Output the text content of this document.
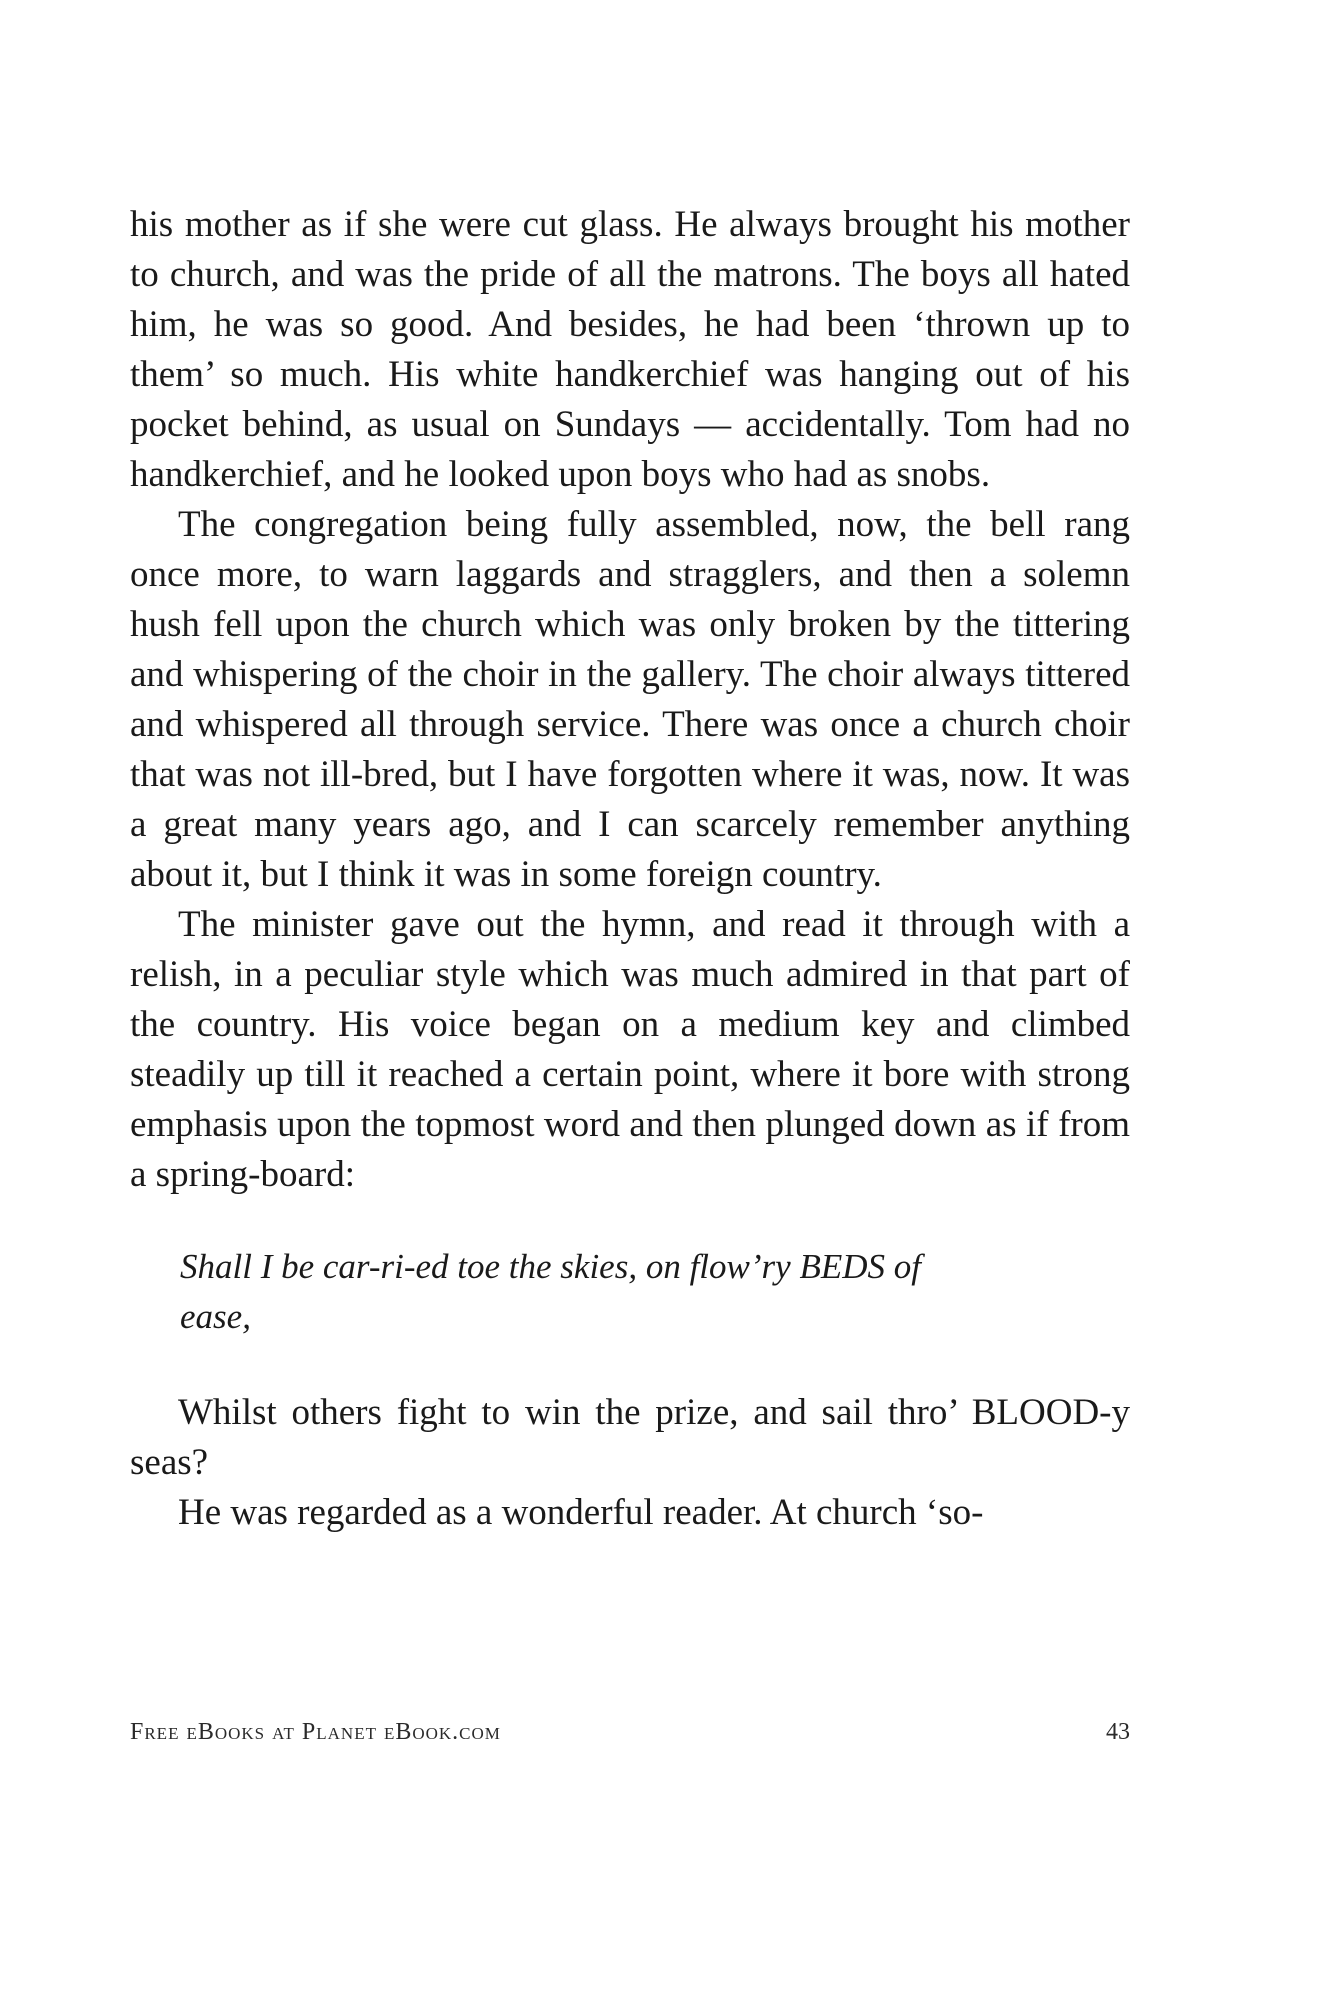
his mother as if she were cut glass. He always brought his mother to church, and was the pride of all the matrons. The boys all hated him, he was so good. And besides, he had been ‘thrown up to them’ so much. His white handkerchief was hanging out of his pocket behind, as usual on Sundays — accidentally. Tom had no handkerchief, and he looked upon boys who had as snobs.

The congregation being fully assembled, now, the bell rang once more, to warn laggards and stragglers, and then a solemn hush fell upon the church which was only broken by the tittering and whispering of the choir in the gallery. The choir always tittered and whispered all through service. There was once a church choir that was not ill-bred, but I have forgotten where it was, now. It was a great many years ago, and I can scarcely remember anything about it, but I think it was in some foreign country.

The minister gave out the hymn, and read it through with a relish, in a peculiar style which was much admired in that part of the country. His voice began on a medium key and climbed steadily up till it reached a certain point, where it bore with strong emphasis upon the topmost word and then plunged down as if from a spring-board:

Shall I be car-ri-ed toe the skies, on flow’ry BEDS of ease,

Whilst others fight to win the prize, and sail thro’ BLOOD-y seas?

He was regarded as a wonderful reader. At church ‘so-

Free eBooks at Planet eBook.com	43
